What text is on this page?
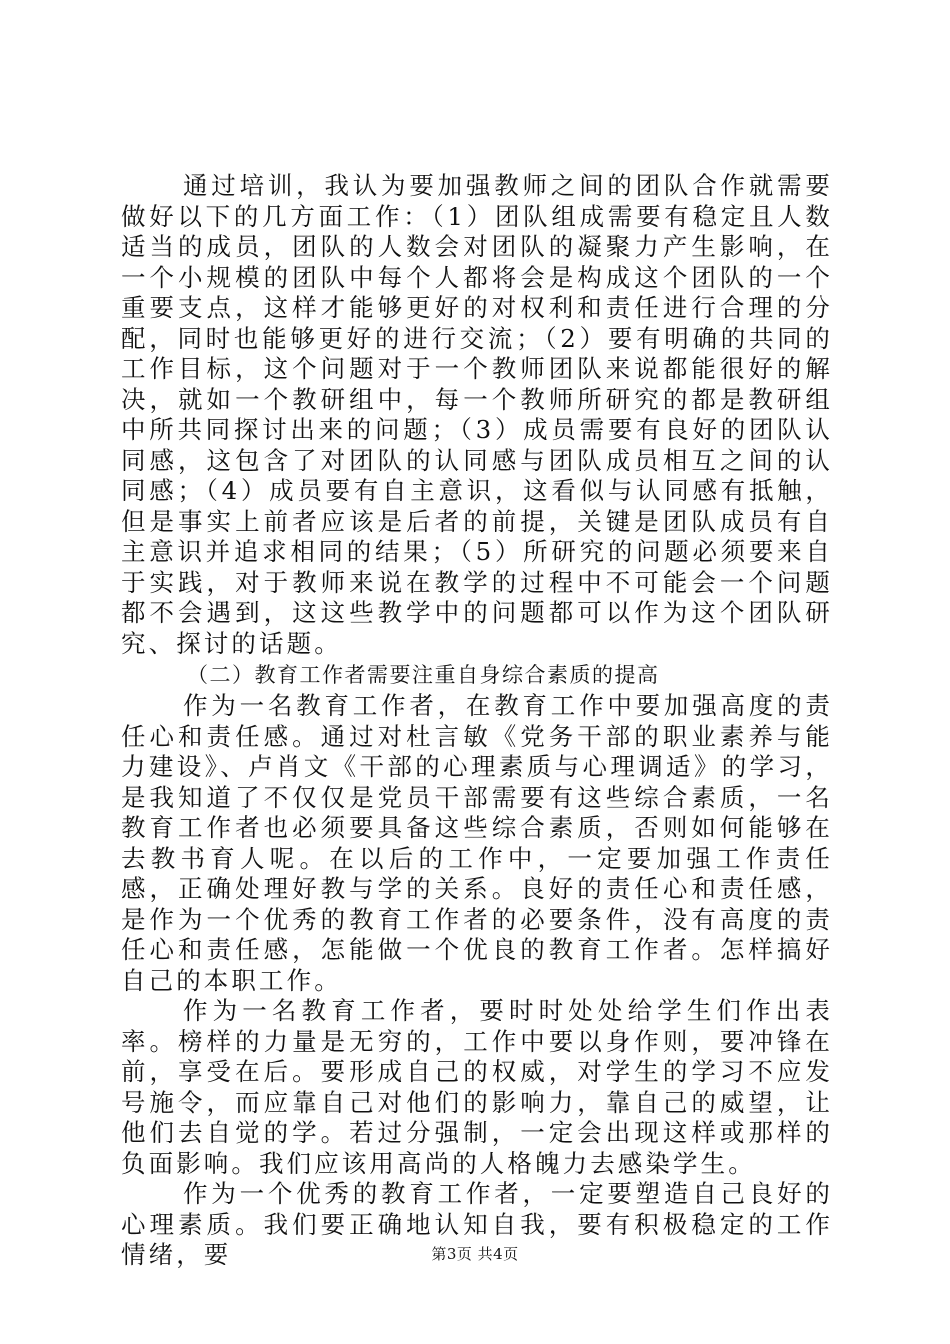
通过培训，我认为要加强教师之间的团队合作就需要做好以下的几方面工作：（1）团队组成需要有稳定且人数适当的成员，团队的人数会对团队的凝聚力产生影响，在一个小规模的团队中每个人都将会是构成这个团队的一个重要支点，这样才能够更好的对权利和责任进行合理的分配，同时也能够更好的进行交流；（2）要有明确的共同的工作目标，这个问题对于一个教师团队来说都能很好的解决，就如一个教研组中，每一个教师所研究的都是教研组中所共同探讨出来的问题；（3）成员需要有良好的团队认同感，这包含了对团队的认同感与团队成员相互之间的认同感；（4）成员要有自主意识，这看似与认同感有抵触，但是事实上前者应该是后者的前提，关键是团队成员有自主意识并追求相同的结果；（5）所研究的问题必须要来自于实践，对于教师来说在教学的过程中不可能会一个问题都不会遇到，这这些教学中的问题都可以作为这个团队研究、探讨的话题。

（二）教育工作者需要注重自身综合素质的提高

作为一名教育工作者，在教育工作中要加强高度的责任心和责任感。通过对杜言敏《党务干部的职业素养与能力建设》、卢肖文《干部的心理素质与心理调适》的学习，是我知道了不仅仅是党员干部需要有这些综合素质，一名教育工作者也必须要具备这些综合素质，否则如何能够在去教书育人呢。在以后的工作中，一定要加强工作责任感，正确处理好教与学的关系。良好的责任心和责任感，是作为一个优秀的教育工作者的必要条件，没有高度的责任心和责任感，怎能做一个优良的教育工作者。怎样搞好自己的本职工作。

作为一名教育工作者，要时时处处给学生们作出表率。榜样的力量是无穷的，工作中要以身作则，要冲锋在前，享受在后。要形成自己的权威，对学生的学习不应发号施令，而应靠自己对他们的影响力，靠自己的威望，让他们去自觉的学。若过分强制，一定会出现这样或那样的负面影响。我们应该用高尚的人格魄力去感染学生。

作为一个优秀的教育工作者，一定要塑造自己良好的心理素质。我们要正确地认知自我，要有积极稳定的工作情绪，要	第3页 共4页
